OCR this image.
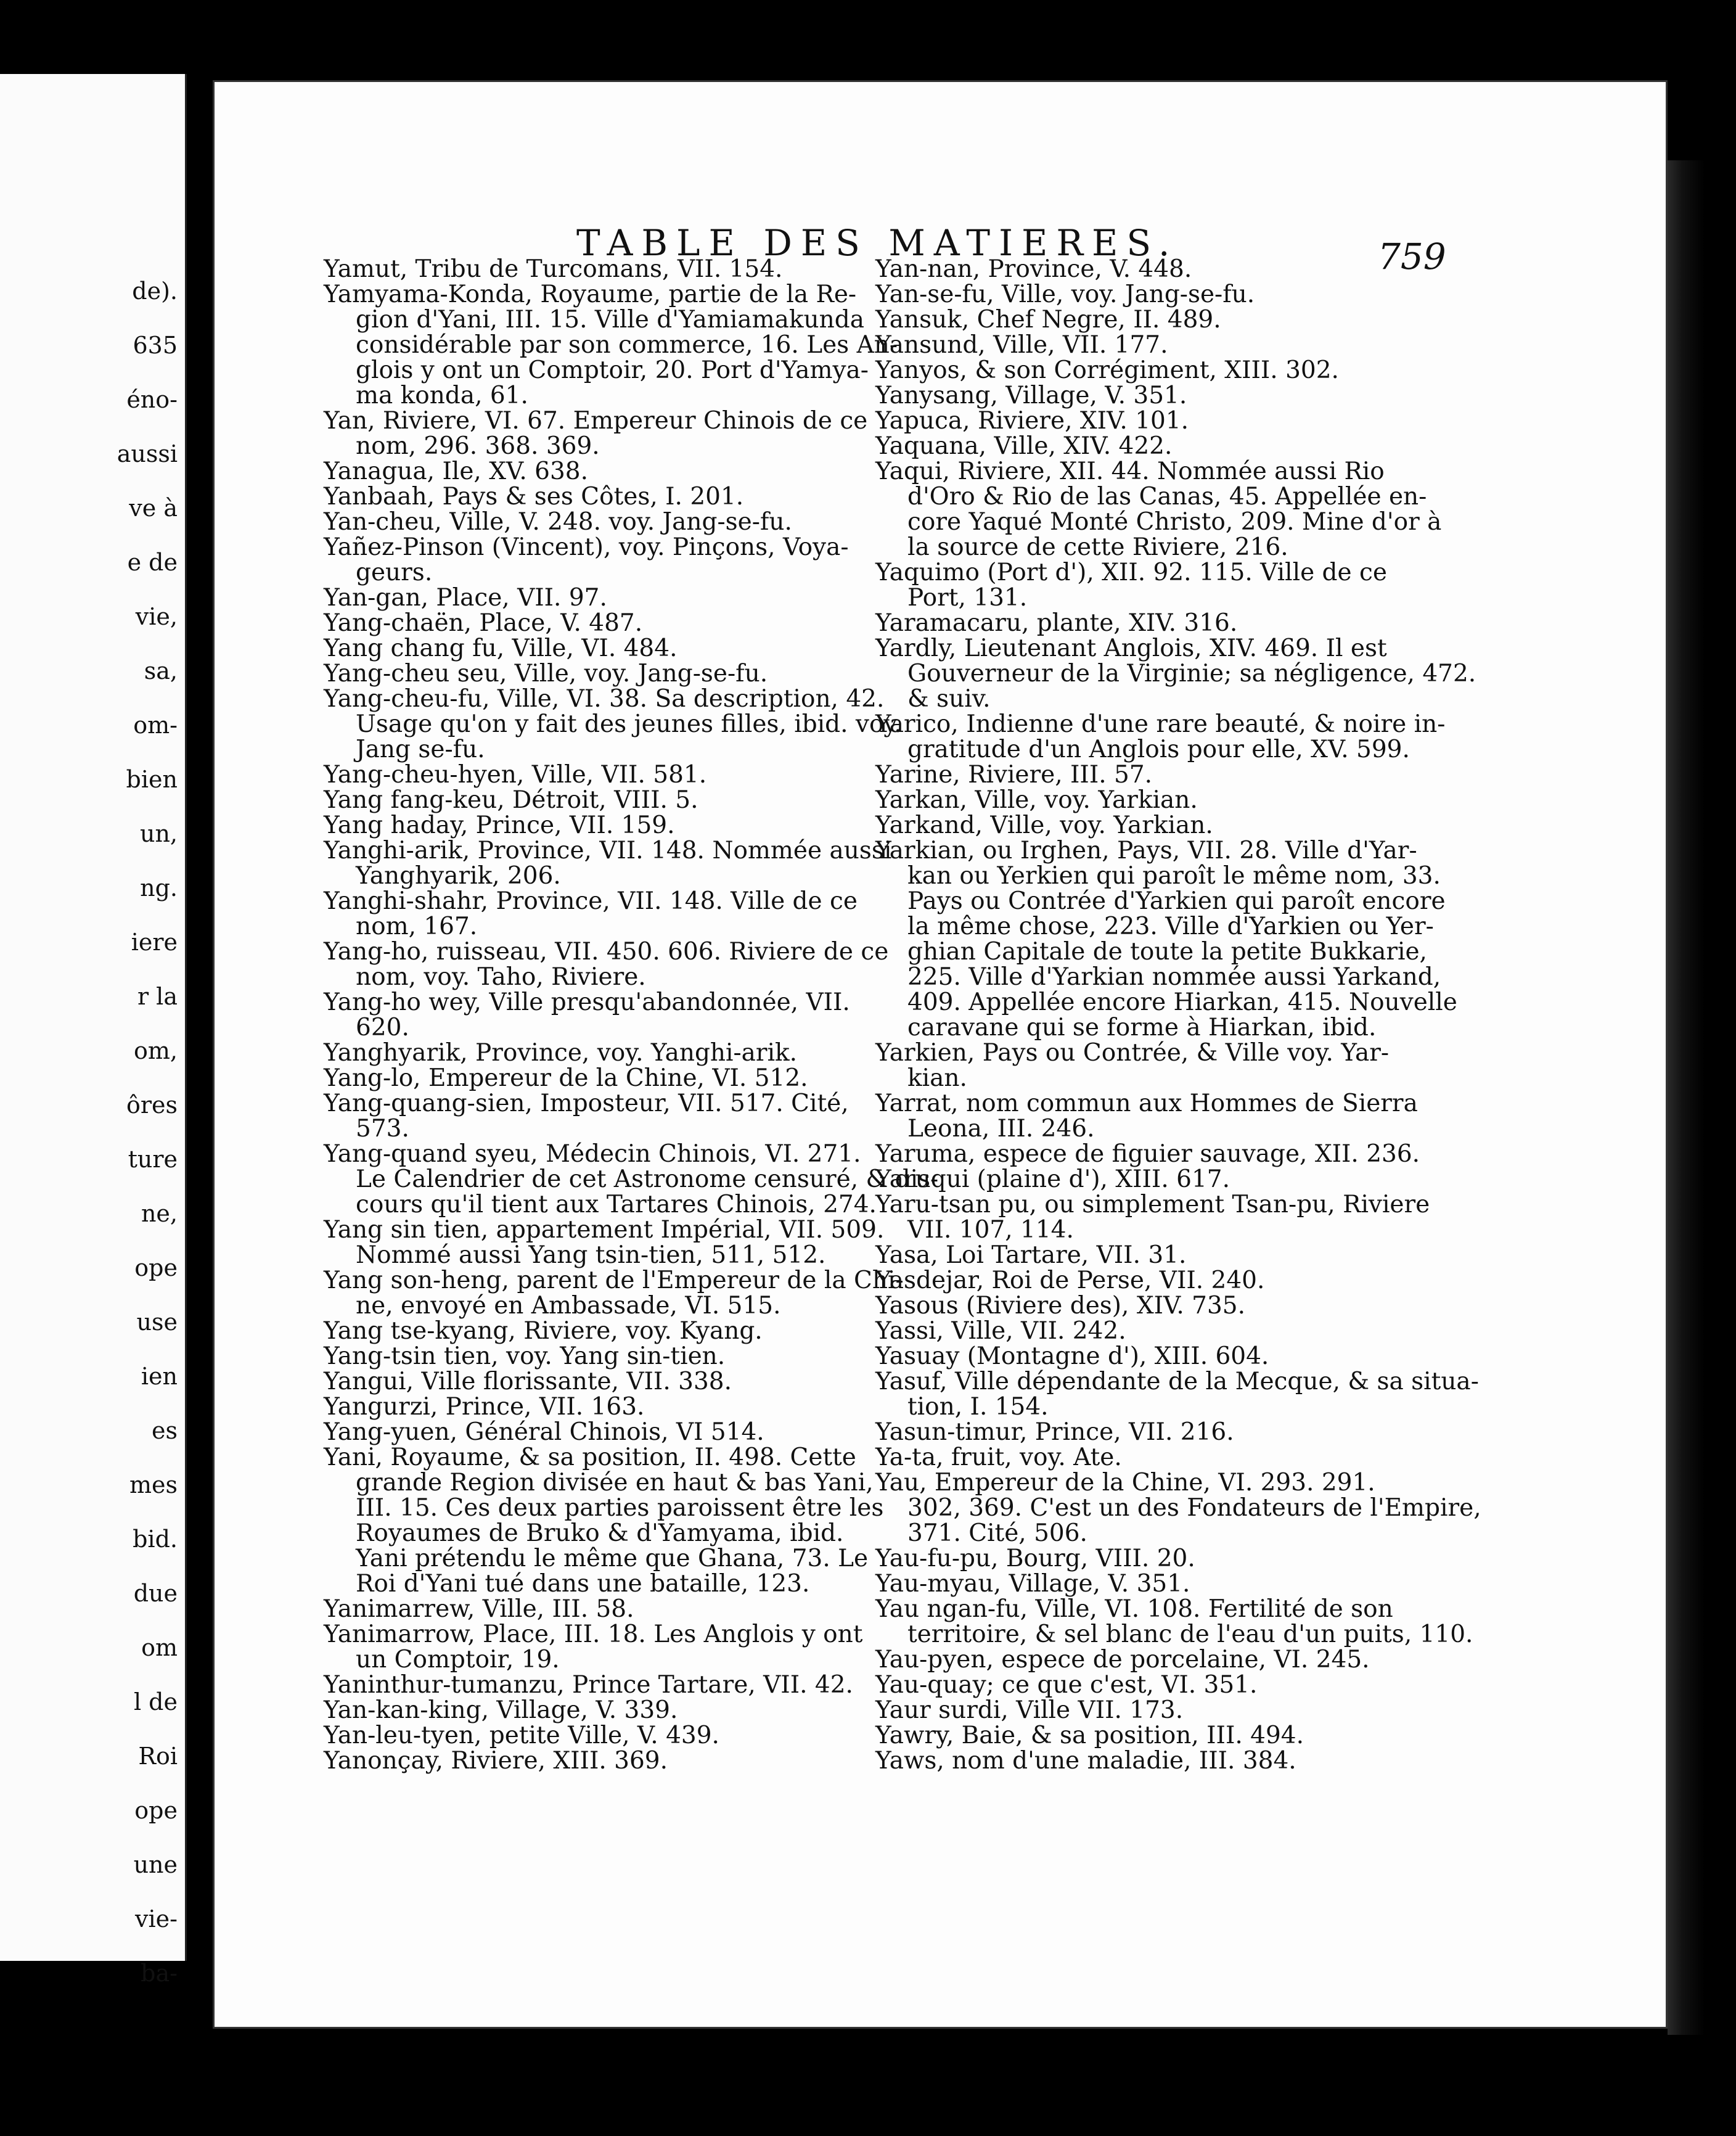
de).
635
éno-
aussi
ve à
e de
vie,
sa,
om-
bien
un,
ng.
iere
r la
om,
ôres
ture
ne,
ope
use
ien
es
mes
bid.
due
om
l de
Roi
ope
une
vie-
ba-
TABLE DES MATIERES.	759
Yamut, Tribu de Turcomans, VII. 154.
Yamyama-Konda, Royaume, partie de la Re-
gion d'Yani, III. 15. Ville d'Yamiamakunda
considérable par son commerce, 16. Les An-
glois y ont un Comptoir, 20. Port d'Yamya-
ma konda, 61.
Yan, Riviere, VI. 67. Empereur Chinois de ce
nom, 296. 368. 369.
Yanagua, Ile, XV. 638.
Yanbaah, Pays & ses Côtes, I. 201.
Yan-cheu, Ville, V. 248. voy. Jang-se-fu.
Yañez-Pinson (Vincent), voy. Pinçons, Voya-
geurs.
Yan-gan, Place, VII. 97.
Yang-chaën, Place, V. 487.
Yang chang fu, Ville, VI. 484.
Yang-cheu seu, Ville, voy. Jang-se-fu.
Yang-cheu-fu, Ville, VI. 38. Sa description, 42.
Usage qu'on y fait des jeunes filles, ibid. voy.
Jang se-fu.
Yang-cheu-hyen, Ville, VII. 581.
Yang fang-keu, Détroit, VIII. 5.
Yang haday, Prince, VII. 159.
Yanghi-arik, Province, VII. 148. Nommée aussi
Yanghyarik, 206.
Yanghi-shahr, Province, VII. 148. Ville de ce
nom, 167.
Yang-ho, ruisseau, VII. 450. 606. Riviere de ce
nom, voy. Taho, Riviere.
Yang-ho wey, Ville presqu'abandonnée, VII.
620.
Yanghyarik, Province, voy. Yanghi-arik.
Yang-lo, Empereur de la Chine, VI. 512.
Yang-quang-sien, Imposteur, VII. 517. Cité,
573.
Yang-quand syeu, Médecin Chinois, VI. 271.
Le Calendrier de cet Astronome censuré, & dis-
cours qu'il tient aux Tartares Chinois, 274.
Yang sin tien, appartement Impérial, VII. 509.
Nommé aussi Yang tsin-tien, 511, 512.
Yang son-heng, parent de l'Empereur de la Chi-
ne, envoyé en Ambassade, VI. 515.
Yang tse-kyang, Riviere, voy. Kyang.
Yang-tsin tien, voy. Yang sin-tien.
Yangui, Ville florissante, VII. 338.
Yangurzi, Prince, VII. 163.
Yang-yuen, Général Chinois, VI 514.
Yani, Royaume, & sa position, II. 498. Cette
grande Region divisée en haut & bas Yani,
III. 15. Ces deux parties paroissent être les
Royaumes de Bruko & d'Yamyama, ibid.
Yani prétendu le même que Ghana, 73. Le
Roi d'Yani tué dans une bataille, 123.
Yanimarrew, Ville, III. 58.
Yanimarrow, Place, III. 18. Les Anglois y ont
un Comptoir, 19.
Yaninthur-tumanzu, Prince Tartare, VII. 42.
Yan-kan-king, Village, V. 339.
Yan-leu-tyen, petite Ville, V. 439.
Yanonçay, Riviere, XIII. 369.
Yan-nan, Province, V. 448.
Yan-se-fu, Ville, voy. Jang-se-fu.
Yansuk, Chef Negre, II. 489.
Yansund, Ville, VII. 177.
Yanyos, & son Corrégiment, XIII. 302.
Yanysang, Village, V. 351.
Yapuca, Riviere, XIV. 101.
Yaquana, Ville, XIV. 422.
Yaqui, Riviere, XII. 44. Nommée aussi Rio
d'Oro & Rio de las Canas, 45. Appellée en-
core Yaqué Monté Christo, 209. Mine d'or à
la source de cette Riviere, 216.
Yaquimo (Port d'), XII. 92. 115. Ville de ce
Port, 131.
Yaramacaru, plante, XIV. 316.
Yardly, Lieutenant Anglois, XIV. 469. Il est
Gouverneur de la Virginie; sa négligence, 472.
& suiv.
Yarico, Indienne d'une rare beauté, & noire in-
gratitude d'un Anglois pour elle, XV. 599.
Yarine, Riviere, III. 57.
Yarkan, Ville, voy. Yarkian.
Yarkand, Ville, voy. Yarkian.
Yarkian, ou Irghen, Pays, VII. 28. Ville d'Yar-
kan ou Yerkien qui paroît le même nom, 33.
Pays ou Contrée d'Yarkien qui paroît encore
la même chose, 223. Ville d'Yarkien ou Yer-
ghian Capitale de toute la petite Bukkarie,
225. Ville d'Yarkian nommée aussi Yarkand,
409. Appellée encore Hiarkan, 415. Nouvelle
caravane qui se forme à Hiarkan, ibid.
Yarkien, Pays ou Contrée, & Ville voy. Yar-
kian.
Yarrat, nom commun aux Hommes de Sierra
Leona, III. 246.
Yaruma, espece de figuier sauvage, XII. 236.
Yaruqui (plaine d'), XIII. 617.
Yaru-tsan pu, ou simplement Tsan-pu, Riviere
VII. 107, 114.
Yasa, Loi Tartare, VII. 31.
Yasdejar, Roi de Perse, VII. 240.
Yasous (Riviere des), XIV. 735.
Yassi, Ville, VII. 242.
Yasuay (Montagne d'), XIII. 604.
Yasuf, Ville dépendante de la Mecque, & sa situa-
tion, I. 154.
Yasun-timur, Prince, VII. 216.
Ya-ta, fruit, voy. Ate.
Yau, Empereur de la Chine, VI. 293. 291.
302, 369. C'est un des Fondateurs de l'Empire,
371. Cité, 506.
Yau-fu-pu, Bourg, VIII. 20.
Yau-myau, Village, V. 351.
Yau ngan-fu, Ville, VI. 108. Fertilité de son
territoire, & sel blanc de l'eau d'un puits, 110.
Yau-pyen, espece de porcelaine, VI. 245.
Yau-quay; ce que c'est, VI. 351.
Yaur surdi, Ville VII. 173.
Yawry, Baie, & sa position, III. 494.
Yaws, nom d'une maladie, III. 384.
